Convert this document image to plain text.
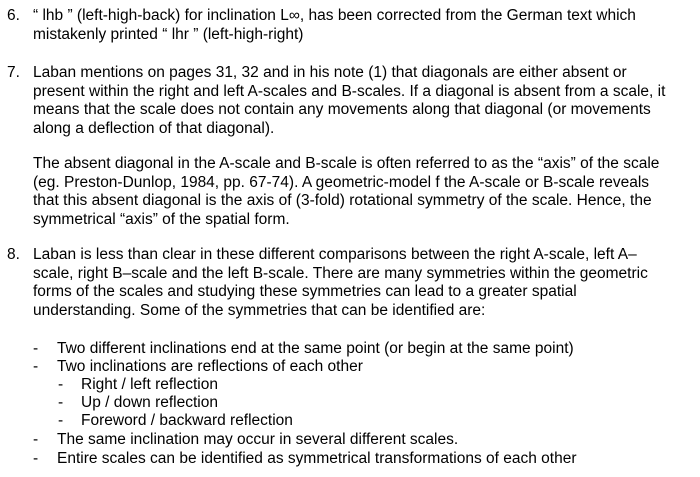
6. “ lhb ” (left-high-back) for inclination L∞, has been corrected from the German text which
mistakenly printed “ lhr ” (left-high-right)

7. Laban mentions on pages 31, 32 and in his note (1) that diagonals are either absent or
present within the right and left A-scales and B-scales. If a diagonal is absent from a scale, it
means that the scale does not contain any movements along that diagonal (or movements
along a deflection of that diagonal).

The absent diagonal in the A-scale and B-scale is often referred to as the “axis” of the scale
(eg. Preston-Dunlop, 1984, pp. 67-74). A geometric-model f the A-scale or B-scale reveals
that this absent diagonal is the axis of (3-fold) rotational symmetry of the scale. Hence, the
symmetrical “axis” of the spatial form.

8. Laban is less than clear in these different comparisons between the right A-scale, left A–
scale, right B–scale and the left B-scale. There are many symmetries within the geometric
forms of the scales and studying these symmetries can lead to a greater spatial
understanding. Some of the symmetries that can be identified are:

- Two different inclinations end at the same point (or begin at the same point)
- Two inclinations are reflections of each other
- Right / left reflection
- Up / down reflection
- Foreword / backward reflection
- The same inclination may occur in several different scales.
- Entire scales can be identified as symmetrical transformations of each other
